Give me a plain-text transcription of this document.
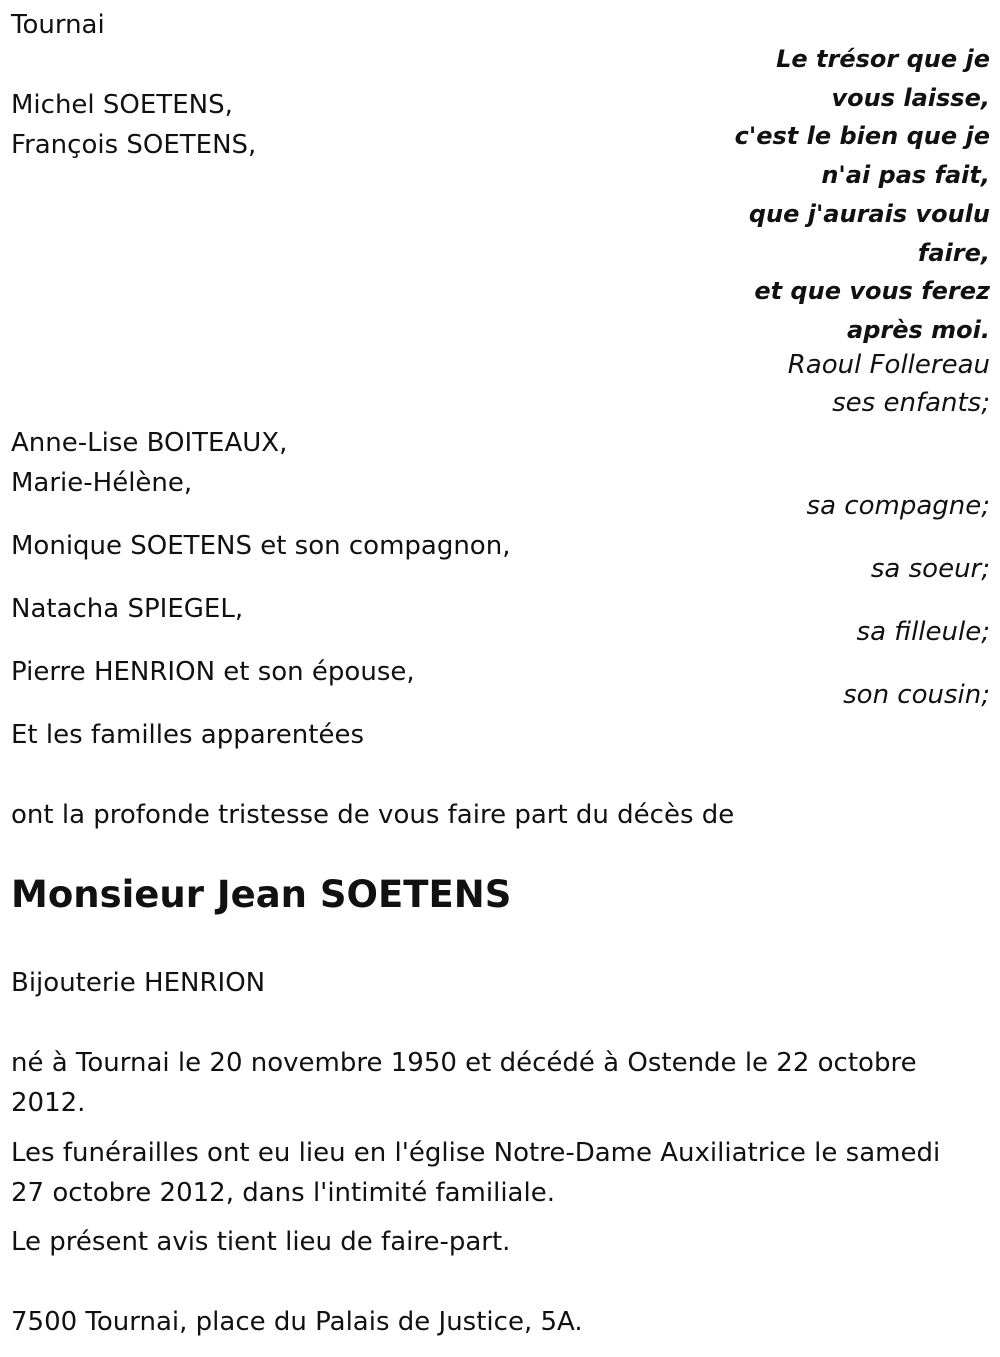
Tournai

Le trésor que je
vous laisse,
c'est le bien que je
n'ai pas fait,
que j'aurais voulu
faire,
et que vous ferez
après moi.

Raoul Follereau

Michel SOETENS,

François SOETENS,

ses enfants;

Anne-Lise BOITEAUX,

Marie-Hélène,

sa compagne;

Monique SOETENS et son compagnon,

sa soeur;

Natacha SPIEGEL,

sa filleule;

Pierre HENRION et son épouse,

son cousin;

Et les familles apparentées

ont la profonde tristesse de vous faire part du décès de

Monsieur Jean SOETENS

Bijouterie HENRION

né à Tournai le 20 novembre 1950 et décédé à Ostende le 22 octobre 2012.

Les funérailles ont eu lieu en l'église Notre-Dame Auxiliatrice le samedi 27 octobre 2012, dans l'intimité familiale.

Le présent avis tient lieu de faire-part.

7500 Tournai, place du Palais de Justice, 5A.
